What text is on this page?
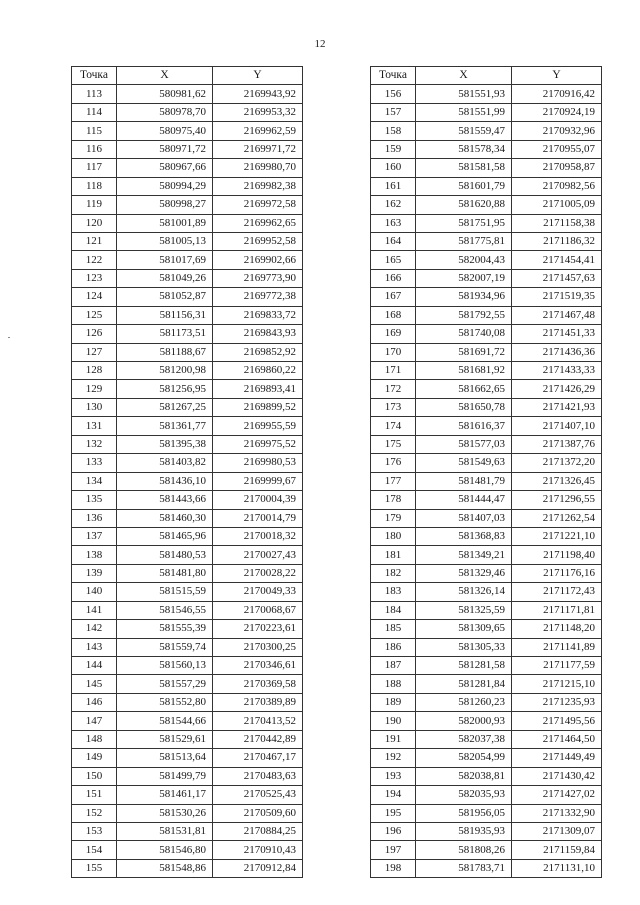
12
Точка	X	Y
113	580981,62	2169943,92
114	580978,70	2169953,32
115	580975,40	2169962,59
116	580971,72	2169971,72
117	580967,66	2169980,70
118	580994,29	2169982,38
119	580998,27	2169972,58
120	581001,89	2169962,65
121	581005,13	2169952,58
122	581017,69	2169902,66
123	581049,26	2169773,90
124	581052,87	2169772,38
125	581156,31	2169833,72
126	581173,51	2169843,93
127	581188,67	2169852,92
128	581200,98	2169860,22
129	581256,95	2169893,41
130	581267,25	2169899,52
131	581361,77	2169955,59
132	581395,38	2169975,52
133	581403,82	2169980,53
134	581436,10	2169999,67
135	581443,66	2170004,39
136	581460,30	2170014,79
137	581465,96	2170018,32
138	581480,53	2170027,43
139	581481,80	2170028,22
140	581515,59	2170049,33
141	581546,55	2170068,67
142	581555,39	2170223,61
143	581559,74	2170300,25
144	581560,13	2170346,61
145	581557,29	2170369,58
146	581552,80	2170389,89
147	581544,66	2170413,52
148	581529,61	2170442,89
149	581513,64	2170467,17
150	581499,79	2170483,63
151	581461,17	2170525,43
152	581530,26	2170509,60
153	581531,81	2170884,25
154	581546,80	2170910,43
155	581548,86	2170912,84
Точка	X	Y
156	581551,93	2170916,42
157	581551,99	2170924,19
158	581559,47	2170932,96
159	581578,34	2170955,07
160	581581,58	2170958,87
161	581601,79	2170982,56
162	581620,88	2171005,09
163	581751,95	2171158,38
164	581775,81	2171186,32
165	582004,43	2171454,41
166	582007,19	2171457,63
167	581934,96	2171519,35
168	581792,55	2171467,48
169	581740,08	2171451,33
170	581691,72	2171436,36
171	581681,92	2171433,33
172	581662,65	2171426,29
173	581650,78	2171421,93
174	581616,37	2171407,10
175	581577,03	2171387,76
176	581549,63	2171372,20
177	581481,79	2171326,45
178	581444,47	2171296,55
179	581407,03	2171262,54
180	581368,83	2171221,10
181	581349,21	2171198,40
182	581329,46	2171176,16
183	581326,14	2171172,43
184	581325,59	2171171,81
185	581309,65	2171148,20
186	581305,33	2171141,89
187	581281,58	2171177,59
188	581281,84	2171215,10
189	581260,23	2171235,93
190	582000,93	2171495,56
191	582037,38	2171464,50
192	582054,99	2171449,49
193	582038,81	2171430,42
194	582035,93	2171427,02
195	581956,05	2171332,90
196	581935,93	2171309,07
197	581808,26	2171159,84
198	581783,71	2171131,10
